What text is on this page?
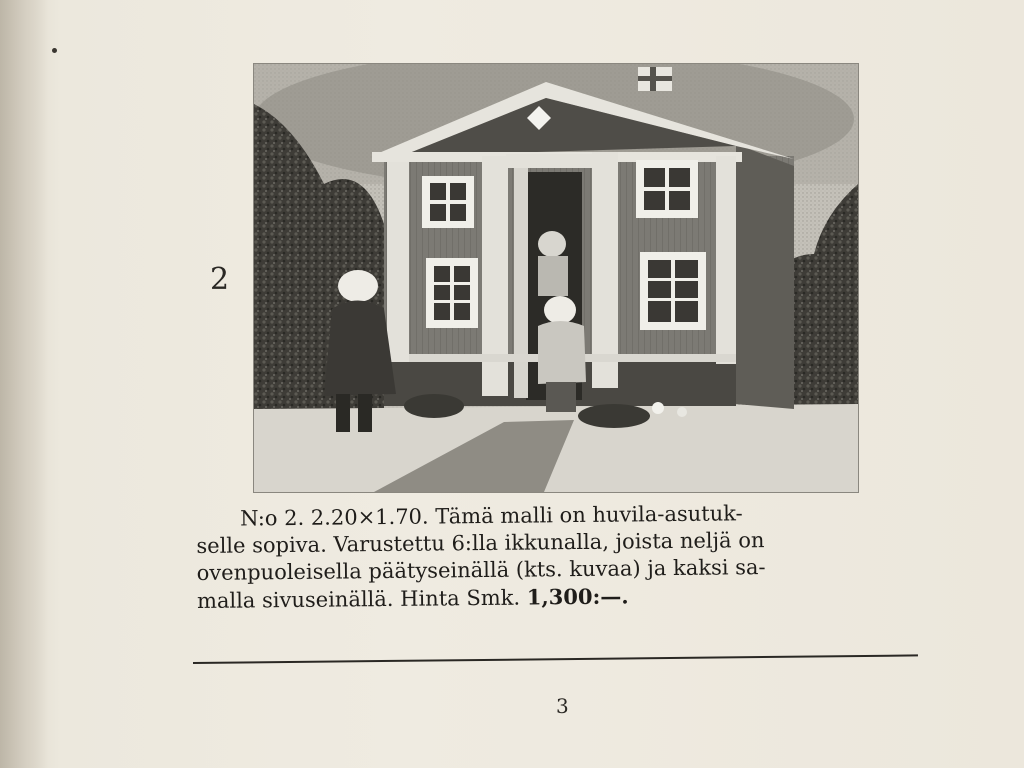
2

N:o 2. 2.20×1.70. Tämä malli on huvila-asutuk-

selle sopiva. Varustettu 6:lla ikkunalla, joista neljä on

ovenpuoleisella päätyseinällä (kts. kuvaa) ja kaksi sa-

malla sivuseinällä. Hinta Smk. 1,300:—.

3
